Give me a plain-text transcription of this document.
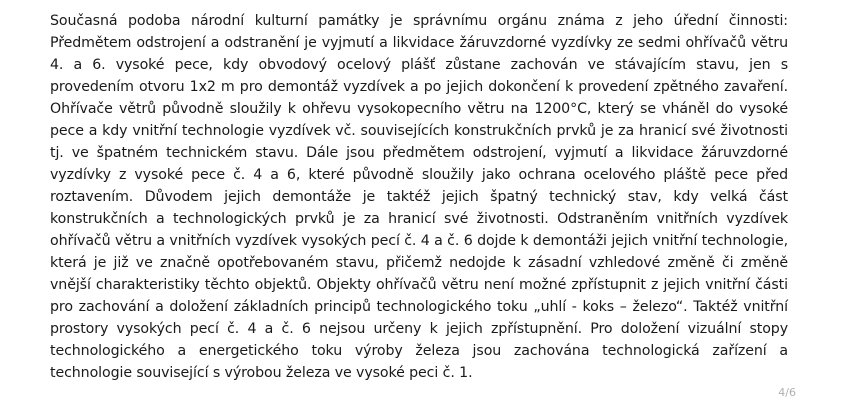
Současná podoba národní kulturní památky je správnímu orgánu známa z jeho úřední činnosti: Předmětem odstrojení a odstranění je vyjmutí a likvidace žáruvzdorné vyzdívky ze sedmi ohřívačů větru 4. a 6. vysoké pece, kdy obvodový ocelový plášť zůstane zachován ve stávajícím stavu, jen s provedením otvoru 1x2 m pro demontáž vyzdívek a po jejich dokončení k provedení zpětného zavaření. Ohřívače větrů původně sloužily k ohřevu vysokopecního větru na 1200°C, který se vháněl do vysoké pece a kdy vnitřní technologie vyzdívek vč. souvisejících konstrukčních prvků je za hranicí své životnosti tj. ve špatném technickém stavu. Dále jsou předmětem odstrojení, vyjmutí a likvidace žáruvzdorné vyzdívky z vysoké pece č. 4 a 6, které původně sloužily jako ochrana ocelového pláště pece před roztavením. Důvodem jejich demontáže je taktéž jejich špatný technický stav, kdy velká část konstrukčních a technologických prvků je za hranicí své životnosti. Odstraněním vnitřních vyzdívek ohřívačů větru a vnitřních vyzdívek vysokých pecí č. 4 a č. 6 dojde k demontáži jejich vnitřní technologie, která je již ve značně opotřebovaném stavu, přičemž nedojde k zásadní vzhledové změně či změně vnější charakteristiky těchto objektů. Objekty ohřívačů větru není možné zpřístupnit z jejich vnitřní části pro zachování a doložení základních principů technologického toku „uhlí - koks – železo“. Taktéž vnitřní prostory vysokých pecí č. 4 a č. 6 nejsou určeny k jejich zpřístupnění. Pro doložení vizuální stopy technologického a energetického toku výroby železa jsou zachována technologická zařízení a technologie související s výrobou železa ve vysoké peci č. 1.

4/6
